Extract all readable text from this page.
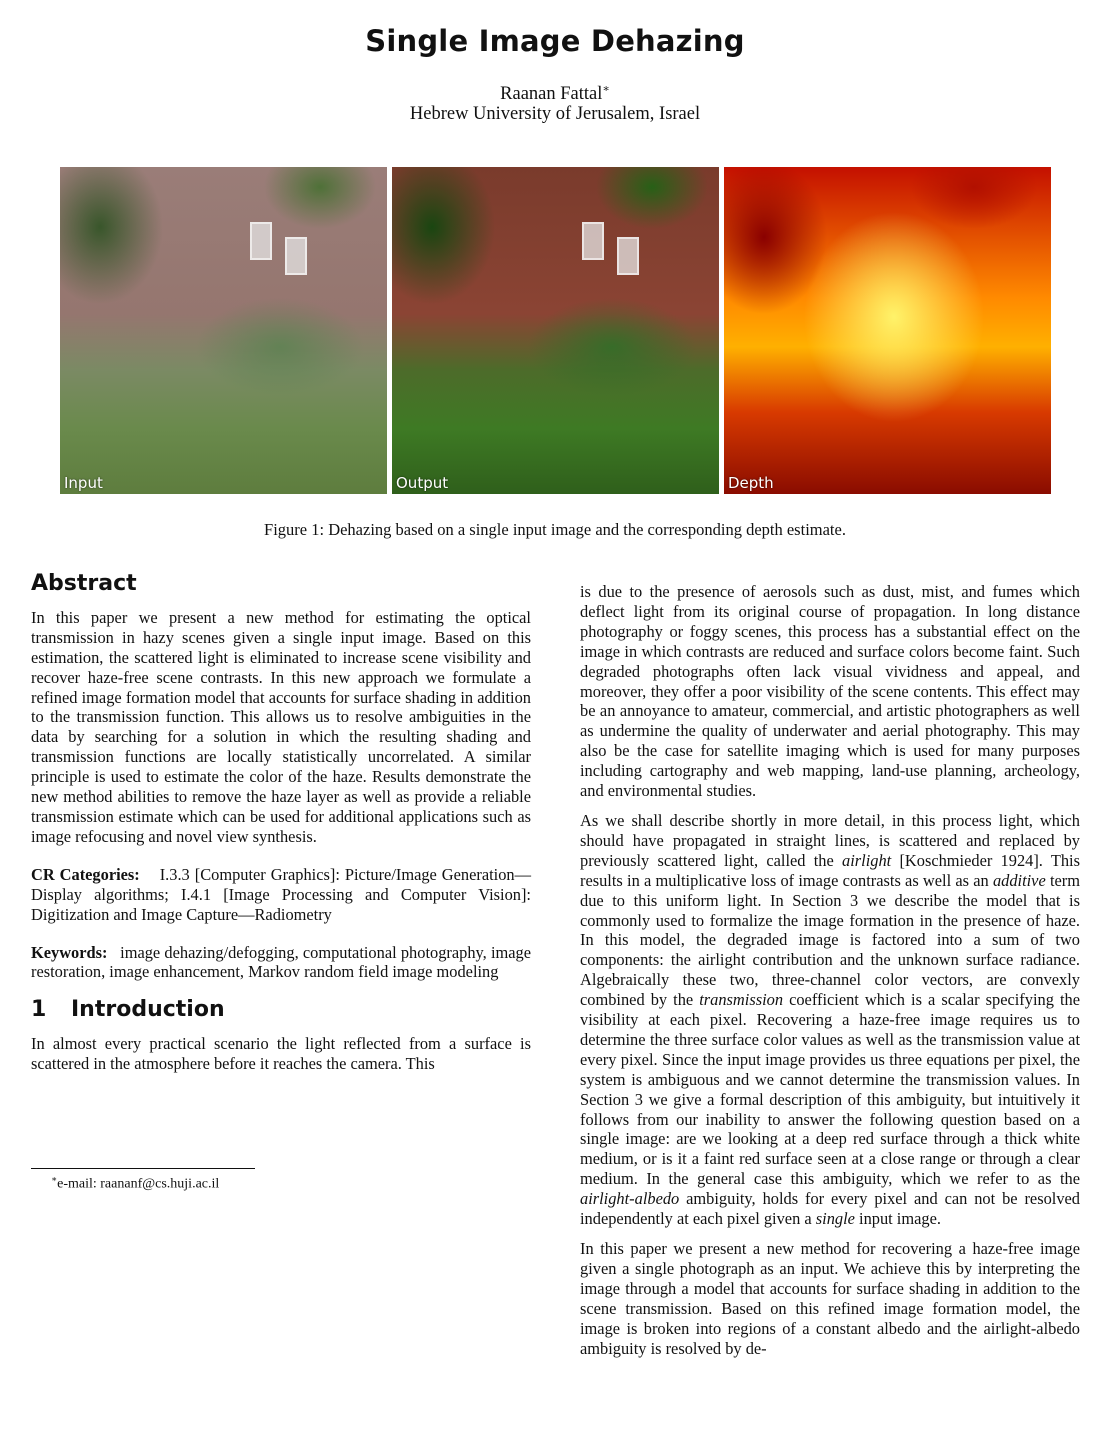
Single Image Dehazing
Raanan Fattal∗
Hebrew University of Jerusalem, Israel
Input	Output	Depth
Figure 1: Dehazing based on a single input image and the corresponding depth estimate.
Abstract

In this paper we present a new method for estimating the optical transmission in hazy scenes given a single input image. Based on this estimation, the scattered light is eliminated to increase scene visibility and recover haze-free scene contrasts. In this new approach we formulate a refined image formation model that accounts for surface shading in addition to the transmission function. This allows us to resolve ambiguities in the data by searching for a solution in which the resulting shading and transmission functions are locally statistically uncorrelated. A similar principle is used to estimate the color of the haze. Results demonstrate the new method abilities to remove the haze layer as well as provide a reliable transmission estimate which can be used for additional applications such as image refocusing and novel view synthesis.

CR Categories: I.3.3 [Computer Graphics]: Picture/Image Generation—Display algorithms; I.4.1 [Image Processing and Computer Vision]: Digitization and Image Capture—Radiometry

Keywords: image dehazing/defogging, computational photography, image restoration, image enhancement, Markov random field image modeling

1 Introduction

In almost every practical scenario the light reflected from a surface is scattered in the atmosphere before it reaches the camera. This

∗e-mail: raananf@cs.huji.ac.il

is due to the presence of aerosols such as dust, mist, and fumes which deflect light from its original course of propagation. In long distance photography or foggy scenes, this process has a substantial effect on the image in which contrasts are reduced and surface colors become faint. Such degraded photographs often lack visual vividness and appeal, and moreover, they offer a poor visibility of the scene contents. This effect may be an annoyance to amateur, commercial, and artistic photographers as well as undermine the quality of underwater and aerial photography. This may also be the case for satellite imaging which is used for many purposes including cartography and web mapping, land-use planning, archeology, and environmental studies.

As we shall describe shortly in more detail, in this process light, which should have propagated in straight lines, is scattered and replaced by previously scattered light, called the airlight [Koschmieder 1924]. This results in a multiplicative loss of image contrasts as well as an additive term due to this uniform light. In Section 3 we describe the model that is commonly used to formalize the image formation in the presence of haze. In this model, the degraded image is factored into a sum of two components: the airlight contribution and the unknown surface radiance. Algebraically these two, three-channel color vectors, are convexly combined by the transmission coefficient which is a scalar specifying the visibility at each pixel. Recovering a haze-free image requires us to determine the three surface color values as well as the transmission value at every pixel. Since the input image provides us three equations per pixel, the system is ambiguous and we cannot determine the transmission values. In Section 3 we give a formal description of this ambiguity, but intuitively it follows from our inability to answer the following question based on a single image: are we looking at a deep red surface through a thick white medium, or is it a faint red surface seen at a close range or through a clear medium. In the general case this ambiguity, which we refer to as the airlight-albedo ambiguity, holds for every pixel and can not be resolved independently at each pixel given a single input image.

In this paper we present a new method for recovering a haze-free image given a single photograph as an input. We achieve this by interpreting the image through a model that accounts for surface shading in addition to the scene transmission. Based on this refined image formation model, the image is broken into regions of a constant albedo and the airlight-albedo ambiguity is resolved by de-
